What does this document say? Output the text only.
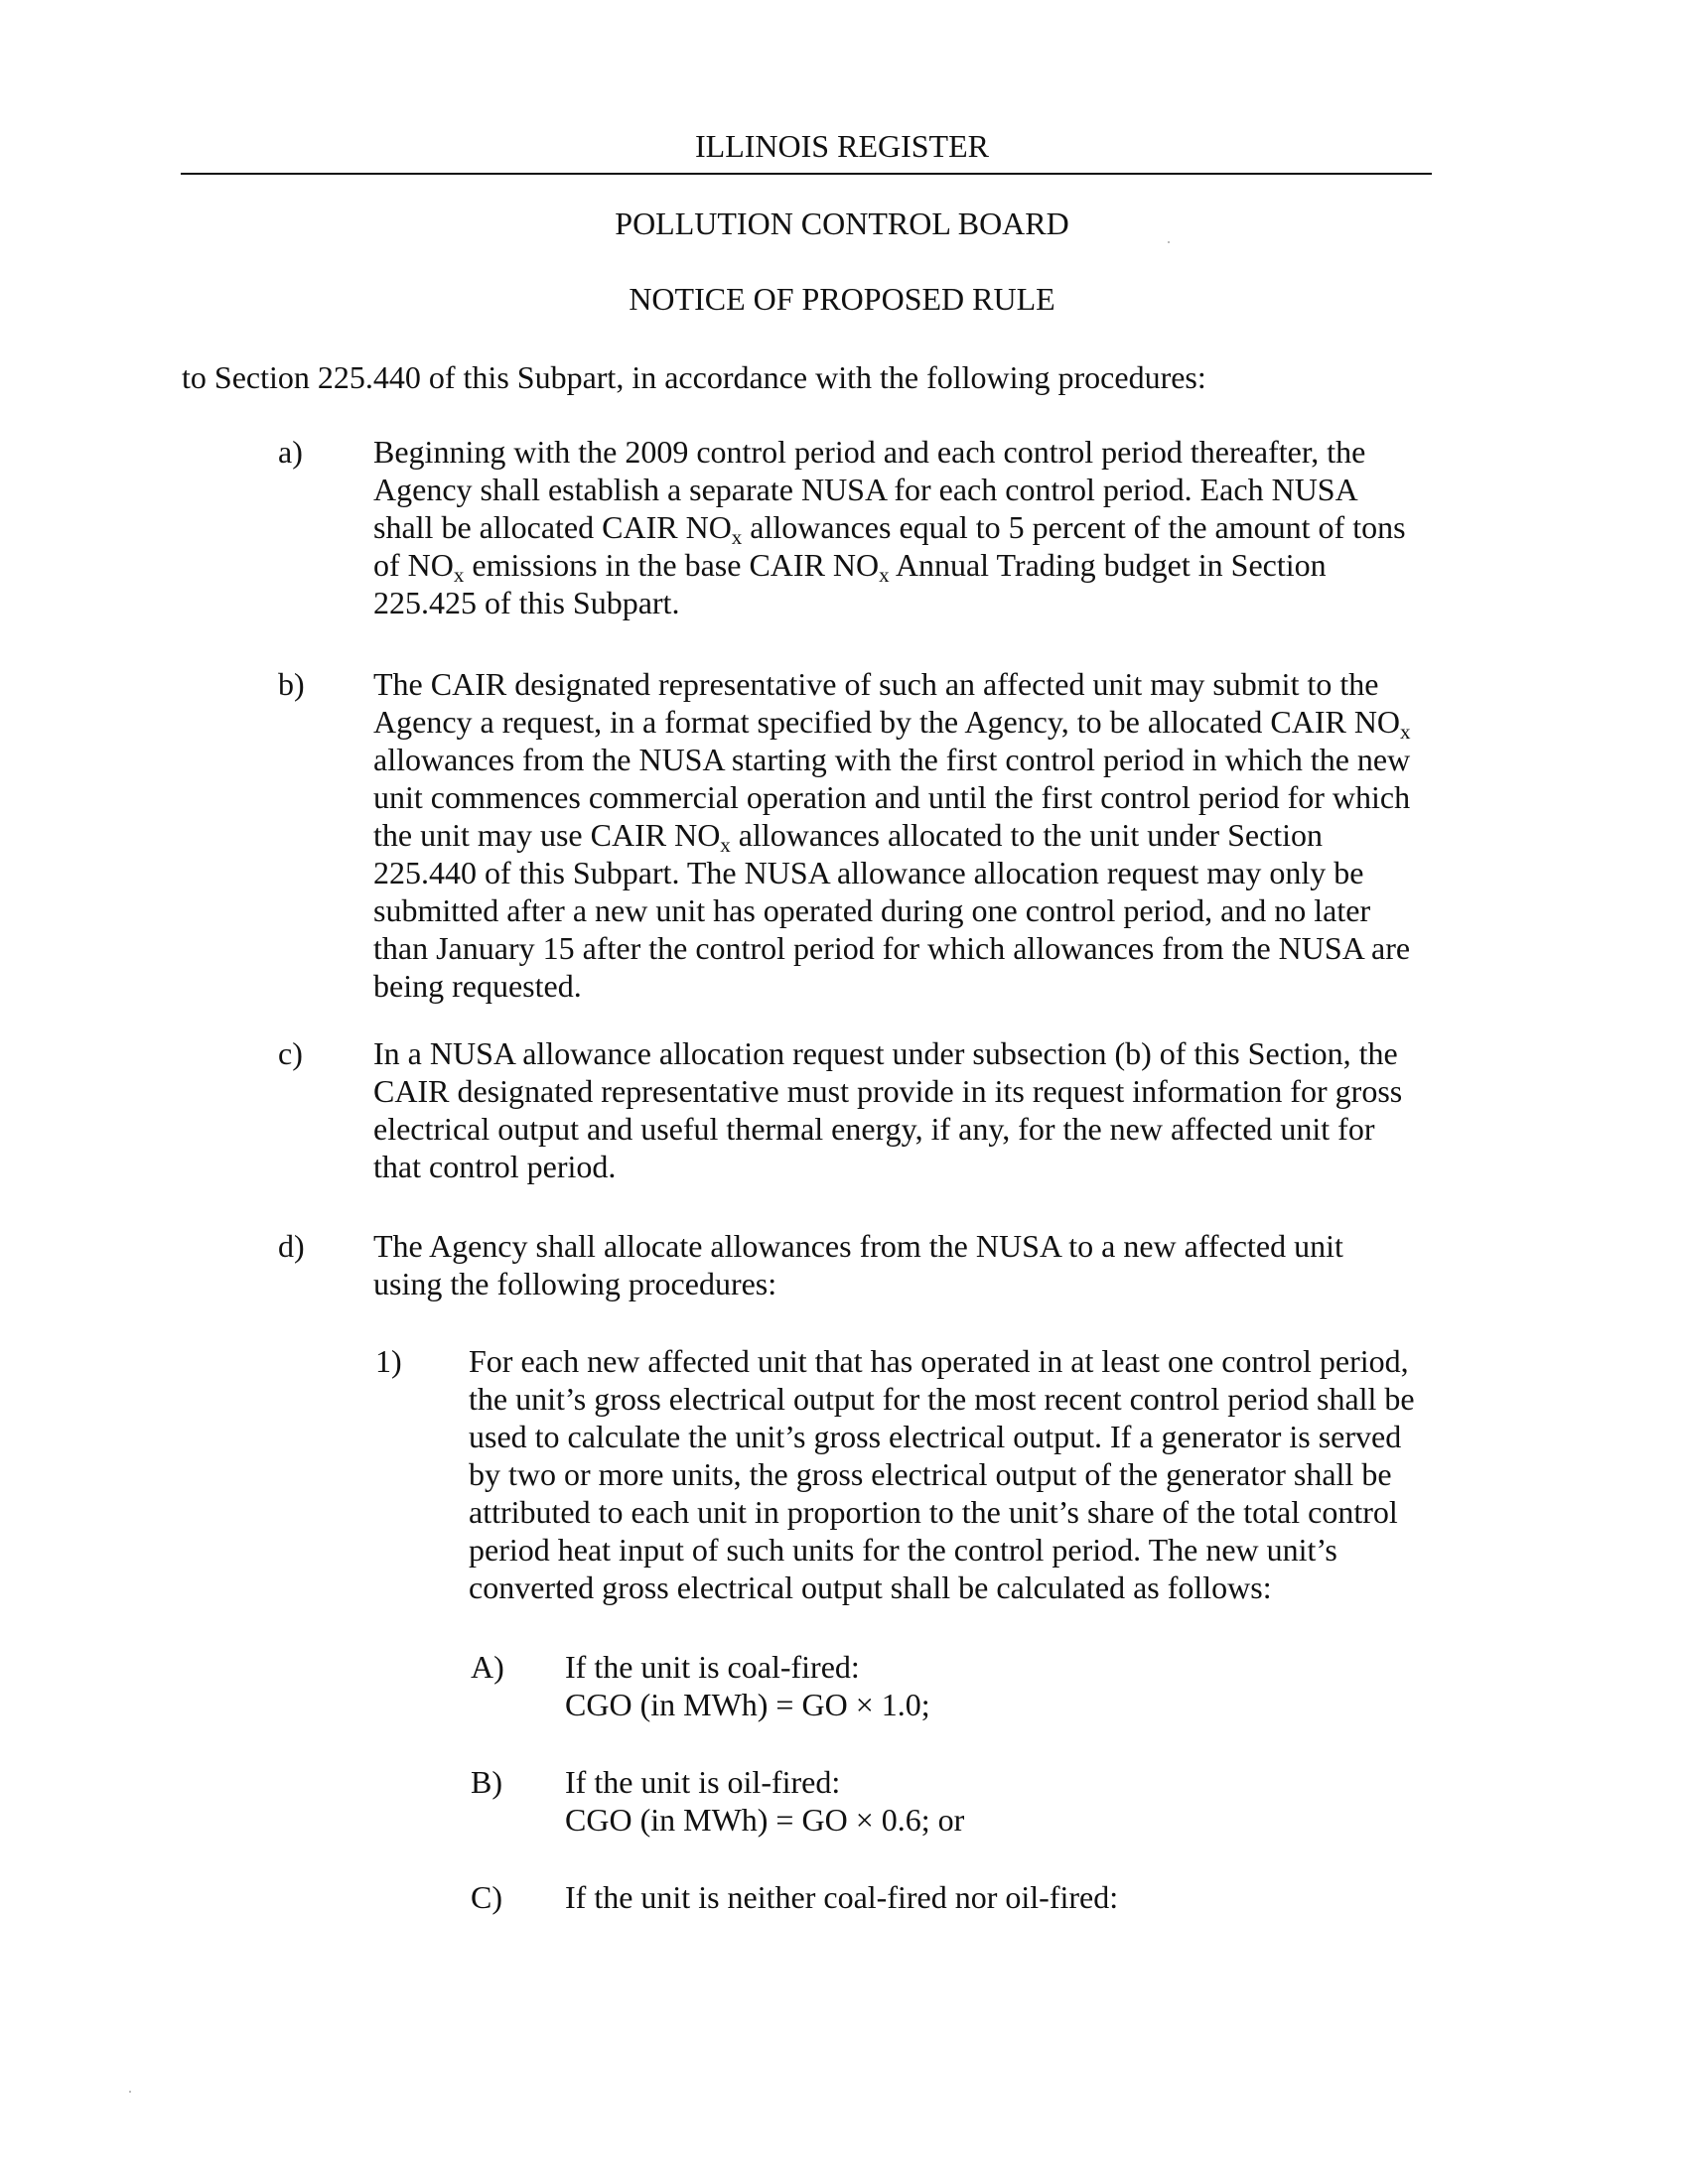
ILLINOIS REGISTER
POLLUTION CONTROL BOARD
NOTICE OF PROPOSED RULE
to Section 225.440 of this Subpart, in accordance with the following procedures:
a)	Beginning with the 2009 control period and each control period thereafter, the
Agency shall establish a separate NUSA for each control period. Each NUSA
shall be allocated CAIR $NO_x$ allowances equal to 5 percent of the amount of tons
of $NO_x$ emissions in the base CAIR $NO_x$ Annual Trading budget in Section
225.425 of this Subpart.
b)	The CAIR designated representative of such an affected unit may submit to the
Agency a request, in a format specified by the Agency, to be allocated CAIR $NO_x$
allowances from the NUSA starting with the first control period in which the new
unit commences commercial operation and until the first control period for which
the unit may use CAIR $NO_x$ allowances allocated to the unit under Section
225.440 of this Subpart. The NUSA allowance allocation request may only be
submitted after a new unit has operated during one control period, and no later
than January 15 after the control period for which allowances from the NUSA are
being requested.
c)	In a NUSA allowance allocation request under subsection (b) of this Section, the
CAIR designated representative must provide in its request information for gross
electrical output and useful thermal energy, if any, for the new affected unit for
that control period.
d)	The Agency shall allocate allowances from the NUSA to a new affected unit
using the following procedures:
1)	For each new affected unit that has operated in at least one control period,
the unit’s gross electrical output for the most recent control period shall be
used to calculate the unit’s gross electrical output. If a generator is served
by two or more units, the gross electrical output of the generator shall be
attributed to each unit in proportion to the unit’s share of the total control
period heat input of such units for the control period. The new unit’s
converted gross electrical output shall be calculated as follows:
A)	If the unit is coal-fired:
CGO (in MWh) = GO × 1.0;
B)	If the unit is oil-fired:
CGO (in MWh) = GO × 0.6; or
C)	If the unit is neither coal-fired nor oil-fired:
